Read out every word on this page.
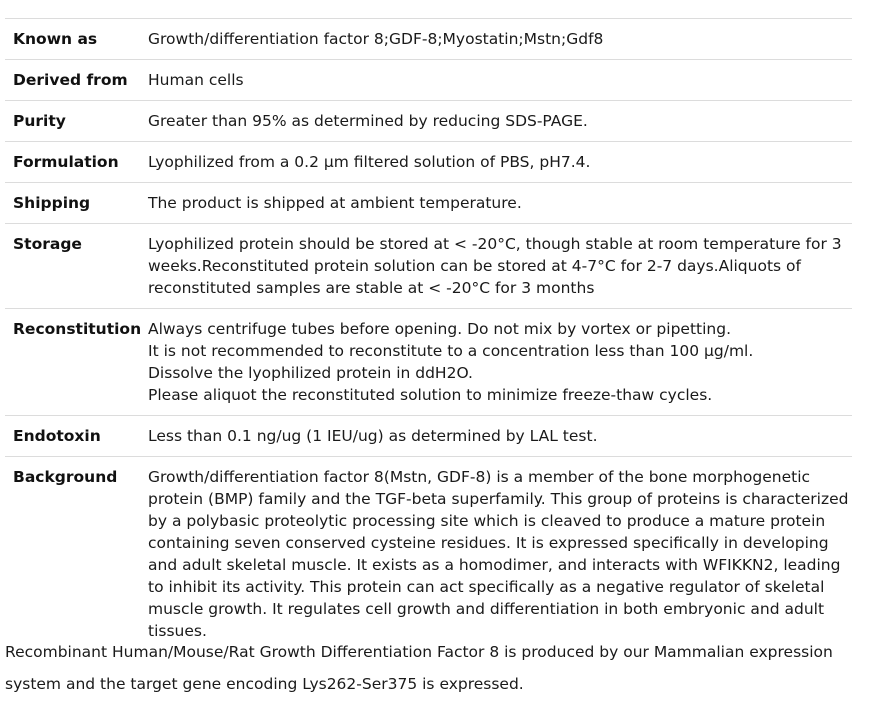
Known as	Growth/differentiation factor 8;GDF-8;Myostatin;Mstn;Gdf8

Derived from	Human cells

Purity	Greater than 95% as determined by reducing SDS-PAGE.

Formulation	Lyophilized from a 0.2 μm filtered solution of PBS, pH7.4.

Shipping	The product is shipped at ambient temperature.

Storage	Lyophilized protein should be stored at < -20°C, though stable at room temperature for 3 weeks.Reconstituted protein solution can be stored at 4-7°C for 2-7 days.Aliquots of reconstituted samples are stable at < -20°C for 3 months

Reconstitution	Always centrifuge tubes before opening. Do not mix by vortex or pipetting.
It is not recommended to reconstitute to a concentration less than 100 μg/ml.
Dissolve the lyophilized protein in ddH2O.
Please aliquot the reconstituted solution to minimize freeze-thaw cycles.

Endotoxin	Less than 0.1 ng/ug (1 IEU/ug) as determined by LAL test.

Background	Growth/differentiation factor 8(Mstn, GDF-8) is a member of the bone morphogenetic protein (BMP) family and the TGF-beta superfamily. This group of proteins is characterized by a polybasic proteolytic processing site which is cleaved to produce a mature protein containing seven conserved cysteine residues. It is expressed specifically in developing and adult skeletal muscle. It exists as a homodimer, and interacts with WFIKKN2, leading to inhibit its activity. This protein can act specifically as a negative regulator of skeletal muscle growth. It regulates cell growth and differentiation in both embryonic and adult tissues.
Recombinant Human/Mouse/Rat Growth Differentiation Factor 8 is produced by our Mammalian expression system and the target gene encoding Lys262-Ser375 is expressed.
